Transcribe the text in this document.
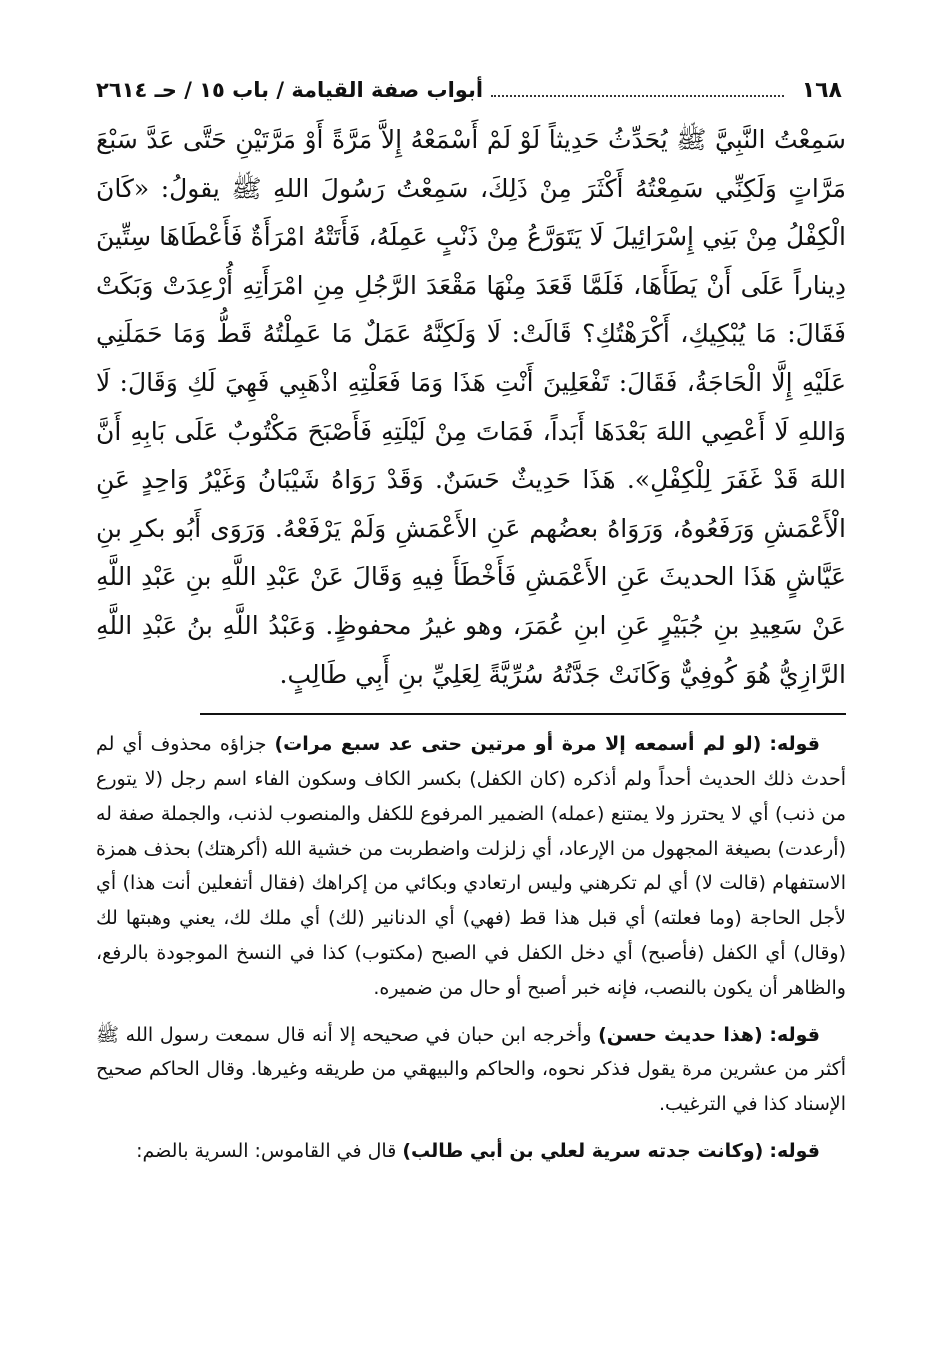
١٦٨
أبواب صفة القيامة / باب ١٥ / حـ ٢٦١٤

سَمِعْتُ النَّبِيَّ ﷺ يُحَدِّثُ حَدِيثاً لَوْ لَمْ أَسْمَعْهُ إِلاَّ مَرَّةً أَوْ مَرَّتَيْنِ حَتَّى عَدَّ سَبْعَ مَرَّاتٍ وَلَكِنِّي سَمِعْتُهُ أَكْثَرَ مِنْ ذَلِكَ، سَمِعْتُ رَسُولَ اللهِ ﷺ يقولُ: «كَانَ الْكِفْلُ مِنْ بَنِي إِسْرَائِيلَ لَا يَتَوَرَّعُ مِنْ ذَنْبٍ عَمِلَهُ، فَأَتَتْهُ امْرَأَةٌ فَأَعْطَاهَا سِتِّينَ دِيناراً عَلَى أَنْ يَطَأَهَا، فَلَمَّا قَعَدَ مِنْهَا مَقْعَدَ الرَّجُلِ مِنِ امْرَأَتِهِ أُرْعِدَتْ وَبَكَتْ فَقَالَ: مَا يُبْكِيكِ، أَكْرَهْتُكِ؟ قَالَتْ: لَا وَلَكِنَّهُ عَمَلٌ مَا عَمِلْتُهُ قَطُّ وَمَا حَمَلَنِي عَلَيْهِ إِلَّا الْحَاجَةُ، فَقَالَ: تَفْعَلِينَ أَنْتِ هَذَا وَمَا فَعَلْتِهِ اذْهَبِي فَهِيَ لَكِ وَقَالَ: لَا وَاللهِ لَا أَعْصِي اللهَ بَعْدَهَا أَبَداً، فَمَاتَ مِنْ لَيْلَتِهِ فَأَصْبَحَ مَكْتُوبٌ عَلَى بَابِهِ أَنَّ اللهَ قَدْ غَفَرَ لِلْكِفْلِ». هَذَا حَدِيثٌ حَسَنٌ. وَقَدْ رَوَاهُ شَيْبَانُ وَغَيْرُ وَاحِدٍ عَنِ الْأَعْمَشِ وَرَفَعُوهُ، وَرَوَاهُ بعضُهم عَنِ الأَعْمَشِ وَلَمْ يَرْفَعْهُ. وَرَوَى أَبُو بكرِ بنِ عَيَّاشٍ هَذَا الحديثَ عَنِ الأَعْمَشِ فَأَخْطَأَ فِيهِ وَقَالَ عَنْ عَبْدِ اللَّهِ بنِ عَبْدِ اللَّهِ عَنْ سَعِيدِ بنِ جُبَيْرٍ عَنِ ابنِ عُمَرَ، وهو غيرُ محفوظٍ. وَعَبْدُ اللَّهِ بنُ عَبْدِ اللَّهِ الرَّازِيُّ هُوَ كُوفِيٌّ وَكَانَتْ جَدَّتُهُ سُرِّيَّةً لِعَلِيِّ بنِ أَبِي طَالِبٍ.

قوله: (لو لم أسمعه إلا مرة أو مرتين حتى عد سبع مرات) جزاؤه محذوف أي لم أحدث ذلك الحديث أحداً ولم أذكره (كان الكفل) بكسر الكاف وسكون الفاء اسم رجل (لا يتورع من ذنب) أي لا يحترز ولا يمتنع (عمله) الضمير المرفوع للكفل والمنصوب لذنب، والجملة صفة له (أرعدت) بصيغة المجهول من الإرعاد، أي زلزلت واضطربت من خشية الله (أكرهتك) بحذف همزة الاستفهام (قالت لا) أي لم تكرهني وليس ارتعادي وبكائي من إكراهك (فقال أتفعلين أنت هذا) أي لأجل الحاجة (وما فعلته) أي قبل هذا قط (فهي) أي الدنانير (لك) أي ملك لك، يعني وهبتها لك (وقال) أي الكفل (فأصبح) أي دخل الكفل في الصبح (مكتوب) كذا في النسخ الموجودة بالرفع، والظاهر أن يكون بالنصب، فإنه خبر أصبح أو حال من ضميره.

قوله: (هذا حديث حسن) وأخرجه ابن حبان في صحيحه إلا أنه قال سمعت رسول الله ﷺ أكثر من عشرين مرة يقول فذكر نحوه، والحاكم والبيهقي من طريقه وغيرها. وقال الحاكم صحيح الإسناد كذا في الترغيب.

قوله: (وكانت جدته سرية لعلي بن أبي طالب) قال في القاموس: السرية بالضم:
